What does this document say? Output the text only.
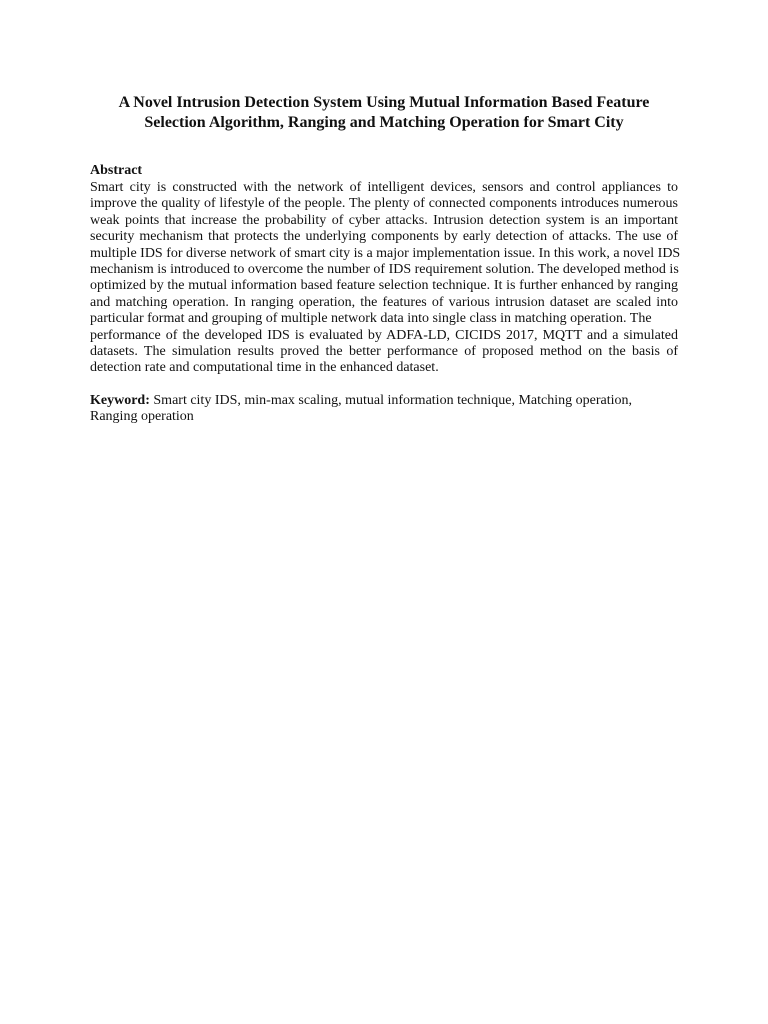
A Novel Intrusion Detection System Using Mutual Information Based Feature
Selection Algorithm, Ranging and Matching Operation for Smart City
Abstract
Smart city is constructed with the network of intelligent devices, sensors and control appliances to
improve the quality of lifestyle of the people. The plenty of connected components introduces numerous
weak points that increase the probability of cyber attacks. Intrusion detection system is an important
security mechanism that protects the underlying components by early detection of attacks. The use of
multiple IDS for diverse network of smart city is a major implementation issue. In this work, a novel IDS
mechanism is introduced to overcome the number of IDS requirement solution. The developed method is
optimized by the mutual information based feature selection technique. It is further enhanced by ranging
and matching operation. In ranging operation, the features of various intrusion dataset are scaled into
particular format and grouping of multiple network data into single class in matching operation. The
performance of the developed IDS is evaluated by ADFA-LD, CICIDS 2017, MQTT and a simulated
datasets. The simulation results proved the better performance of proposed method on the basis of
detection rate and computational time in the enhanced dataset.
Keyword: Smart city IDS, min-max scaling, mutual information technique, Matching operation,
Ranging operation
